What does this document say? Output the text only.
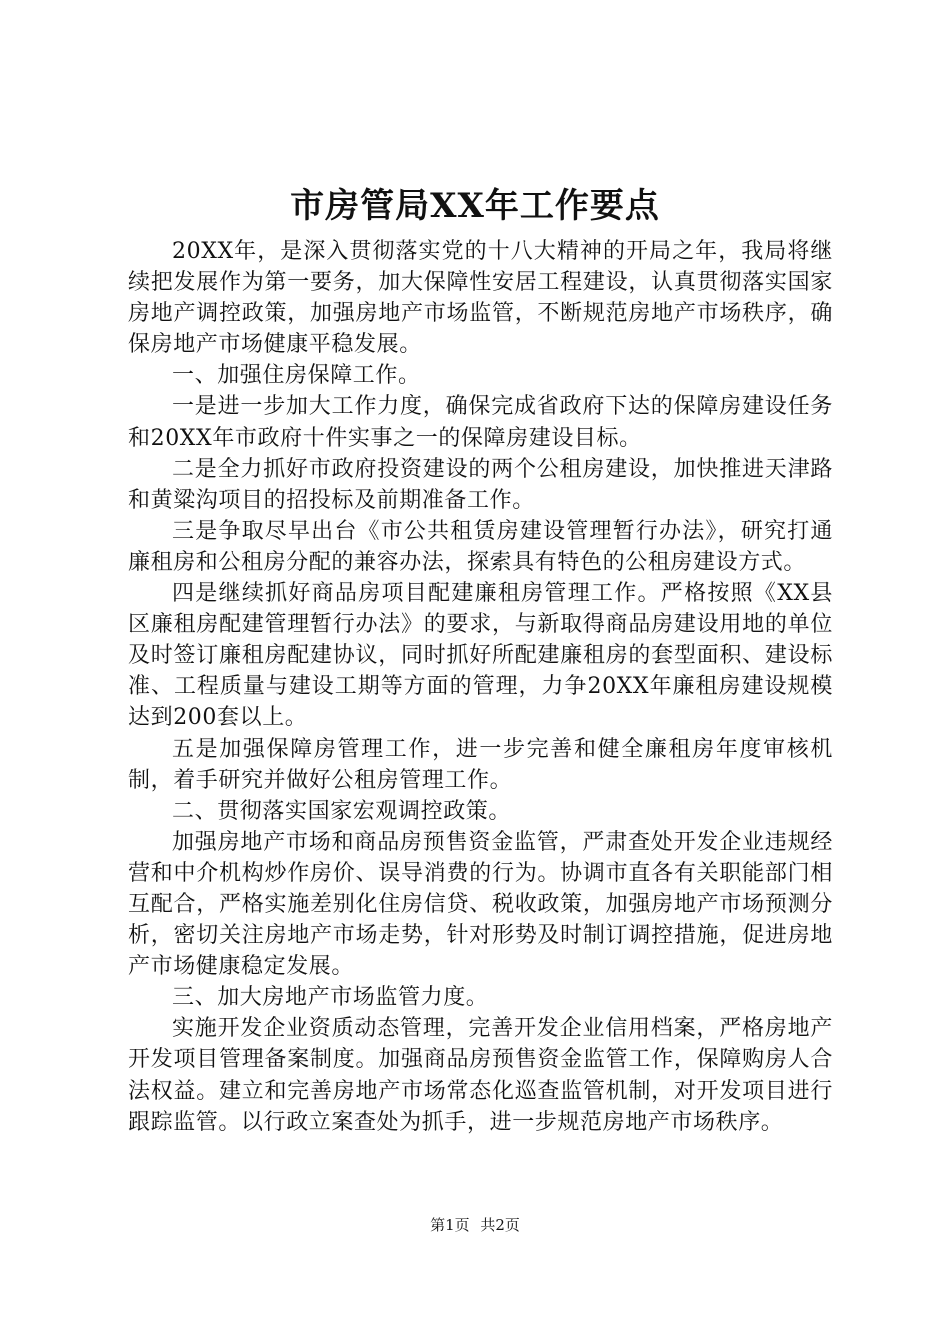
市房管局XX年工作要点

20XX年，是深入贯彻落实党的十八大精神的开局之年，我局将继续把发展作为第一要务，加大保障性安居工程建设，认真贯彻落实国家房地产调控政策，加强房地产市场监管，不断规范房地产市场秩序，确保房地产市场健康平稳发展。

一、加强住房保障工作。

一是进一步加大工作力度，确保完成省政府下达的保障房建设任务和20XX年市政府十件实事之一的保障房建设目标。

二是全力抓好市政府投资建设的两个公租房建设，加快推进天津路和黄粱沟项目的招投标及前期准备工作。

三是争取尽早出台《市公共租赁房建设管理暂行办法》，研究打通廉租房和公租房分配的兼容办法，探索具有特色的公租房建设方式。

四是继续抓好商品房项目配建廉租房管理工作。严格按照《XX县区廉租房配建管理暂行办法》的要求，与新取得商品房建设用地的单位及时签订廉租房配建协议，同时抓好所配建廉租房的套型面积、建设标准、工程质量与建设工期等方面的管理，力争20XX年廉租房建设规模达到200套以上。

五是加强保障房管理工作，进一步完善和健全廉租房年度审核机制，着手研究并做好公租房管理工作。

二、贯彻落实国家宏观调控政策。

加强房地产市场和商品房预售资金监管，严肃查处开发企业违规经营和中介机构炒作房价、误导消费的行为。协调市直各有关职能部门相互配合，严格实施差别化住房信贷、税收政策，加强房地产市场预测分析，密切关注房地产市场走势，针对形势及时制订调控措施，促进房地产市场健康稳定发展。

三、加大房地产市场监管力度。

实施开发企业资质动态管理，完善开发企业信用档案，严格房地产开发项目管理备案制度。加强商品房预售资金监管工作，保障购房人合法权益。建立和完善房地产市场常态化巡查监管机制，对开发项目进行跟踪监管。以行政立案查处为抓手，进一步规范房地产市场秩序。

第1页 共2页
